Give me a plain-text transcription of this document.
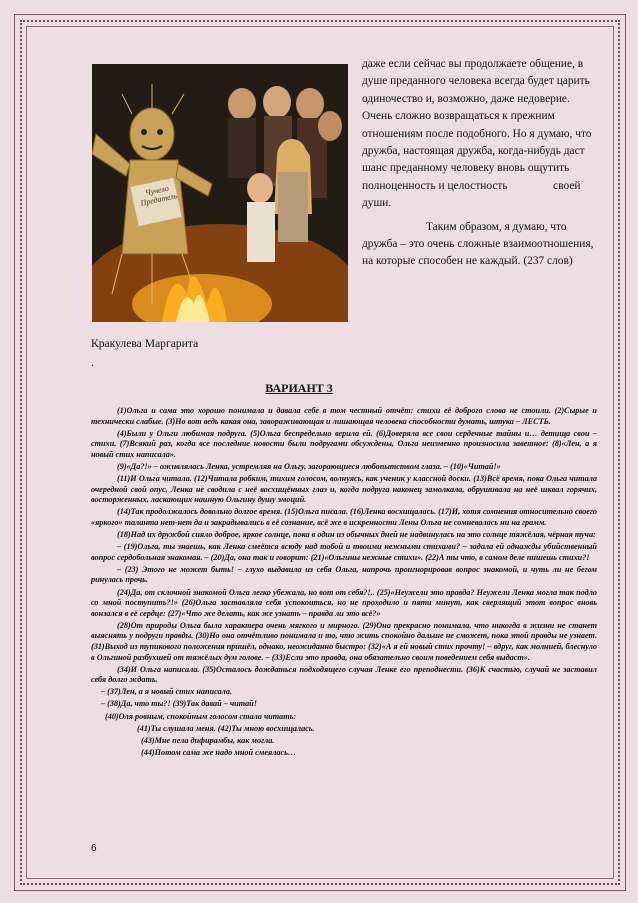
Чучело Предатель

даже если сейчас вы продолжаете общение, в душе преданного человека всегда будет царить одиночество и, возможно, даже недоверие. Очень сложно возвращаться к прежним отношениям после подобного. Но я думаю, что дружба, настоящая дружба, когда-нибудь даст шанс преданному человеку вновь ощутить полноценность и целостность                своей души.

Таким образом, я думаю, что дружба – это очень сложные взаимоотношения, на которые способен не каждый. (237 слов)

Кракулева Маргарита
.
ВАРИАНТ 3

(1)Ольга и сама это хорошо понимала и давала себе в том честный отчёт: стихи её доброго слова не стоили. (2)Сырые и технически слабые. (3)Но вот ведь какая она, завораживающая и лишающая человека способности думать, штука – ЛЕСТЬ.

(4)Были у Ольги любимая подруга. (5)Ольга беспредельно верила ей. (6)Доверяла все свои сердечные тайны и… детища свои – стихи. (7)Всякий раз, когда все последние новости были подругами обсуждены, Ольга неизменно произносила заветное: (8)«Лен, а я новый стих написала».

(9)«Да?!» – оживлялась Ленка, устремляя на Ольгу, загорающиеся любопытством глаза. – (10)«Читай!»

(11)И Ольга читала. (12)Читала робким, тихим голосом, волнуясь, как ученик у классной доски. (13)Всё время, пока Ольга читала очередной свой опус, Ленка не сводила с неё восхищённых глаз и, когда подруга наконец замолкала, обрушивала на неё шквал горячих, восторженных, ласкающих нашную Ольгину душу эмоций.

(14)Так продолжалось довольно долгое время. (15)Ольга писала. (16)Ленка восхищалась. (17)И, хотя сомнения относительно своего «яркого» таланта нет-нет да и закрадывались в её сознание, всё же в искренности Лены Ольга не сомневалась ни на грамм.

(18)Над их дружбой сияло доброе, яркое солнце, пока в один из обычных дней не надвинулась на это солнце тяжёлая, чёрная туча:

– (19)Ольга, ты знаешь, как Ленка смеётся всюду над тобой и твоими нежными стихами? – задала ей однажды убийственный вопрос сердобольная знакомая. – (20)Да, она так и говорит: (21)«Ольгины нежные стихи». (22)А ты что, в самом деле пишешь стихи?!

– (23) Этого не может быть! – глухо выдавила из себя Ольга, напрочь проигнорировав вопрос знакомой, и чуть ли не бегом ринулась прочь.

(24)Да, от склочной знакомой Ольга легко убежала, но вот от себя?!.. (25)«Неужели это правда? Неужели Ленка могла так подло со мной поступить?!» (26)Ольга заставляла себя успокоиться, но не проходило и пяти минут, как сверлящий этот вопрос вновь вонзался в её сердце: (27)«Что же делать, как же узнать – правда ли это всё?»

(28)От природы Ольга была характера очень мягкого и мирного. (29)Она прекрасно понимала, что никогда в жизни не станет выяснять у подруги правды. (30)Но она отчётливо понимала и то, что жить спокойно дальше не сможет, пока этой правды не узнает. (31)Выход из тупикового положения пришёл, однако, неожиданно быстро: (32)«А я ей новый стих прочту! – вдруг, как молнией, блеснуло в Ольгиной разбухшей от тяжёлых дум голове. – (33)Если это правда, она обязательно своим поведением себя выдаст».

(34)И Ольга написала. (35)Осталось дождаться подходящего случая Ленке его преподнести. (36)К счастью, случай не заставил себя долго ждать.

– (37)Лен, а я новый стих написала.

– (38)Да, что ты?! (39)Так давай – читай!

(40)Оля ровным, спокойным голосом стала читать:

(41)Ты слушала меня. (42)Ты мною восхищалась.

(43)Мне пела дифирамбы, как могла.

(44)Потом сама же надо мной смеялась…

6
